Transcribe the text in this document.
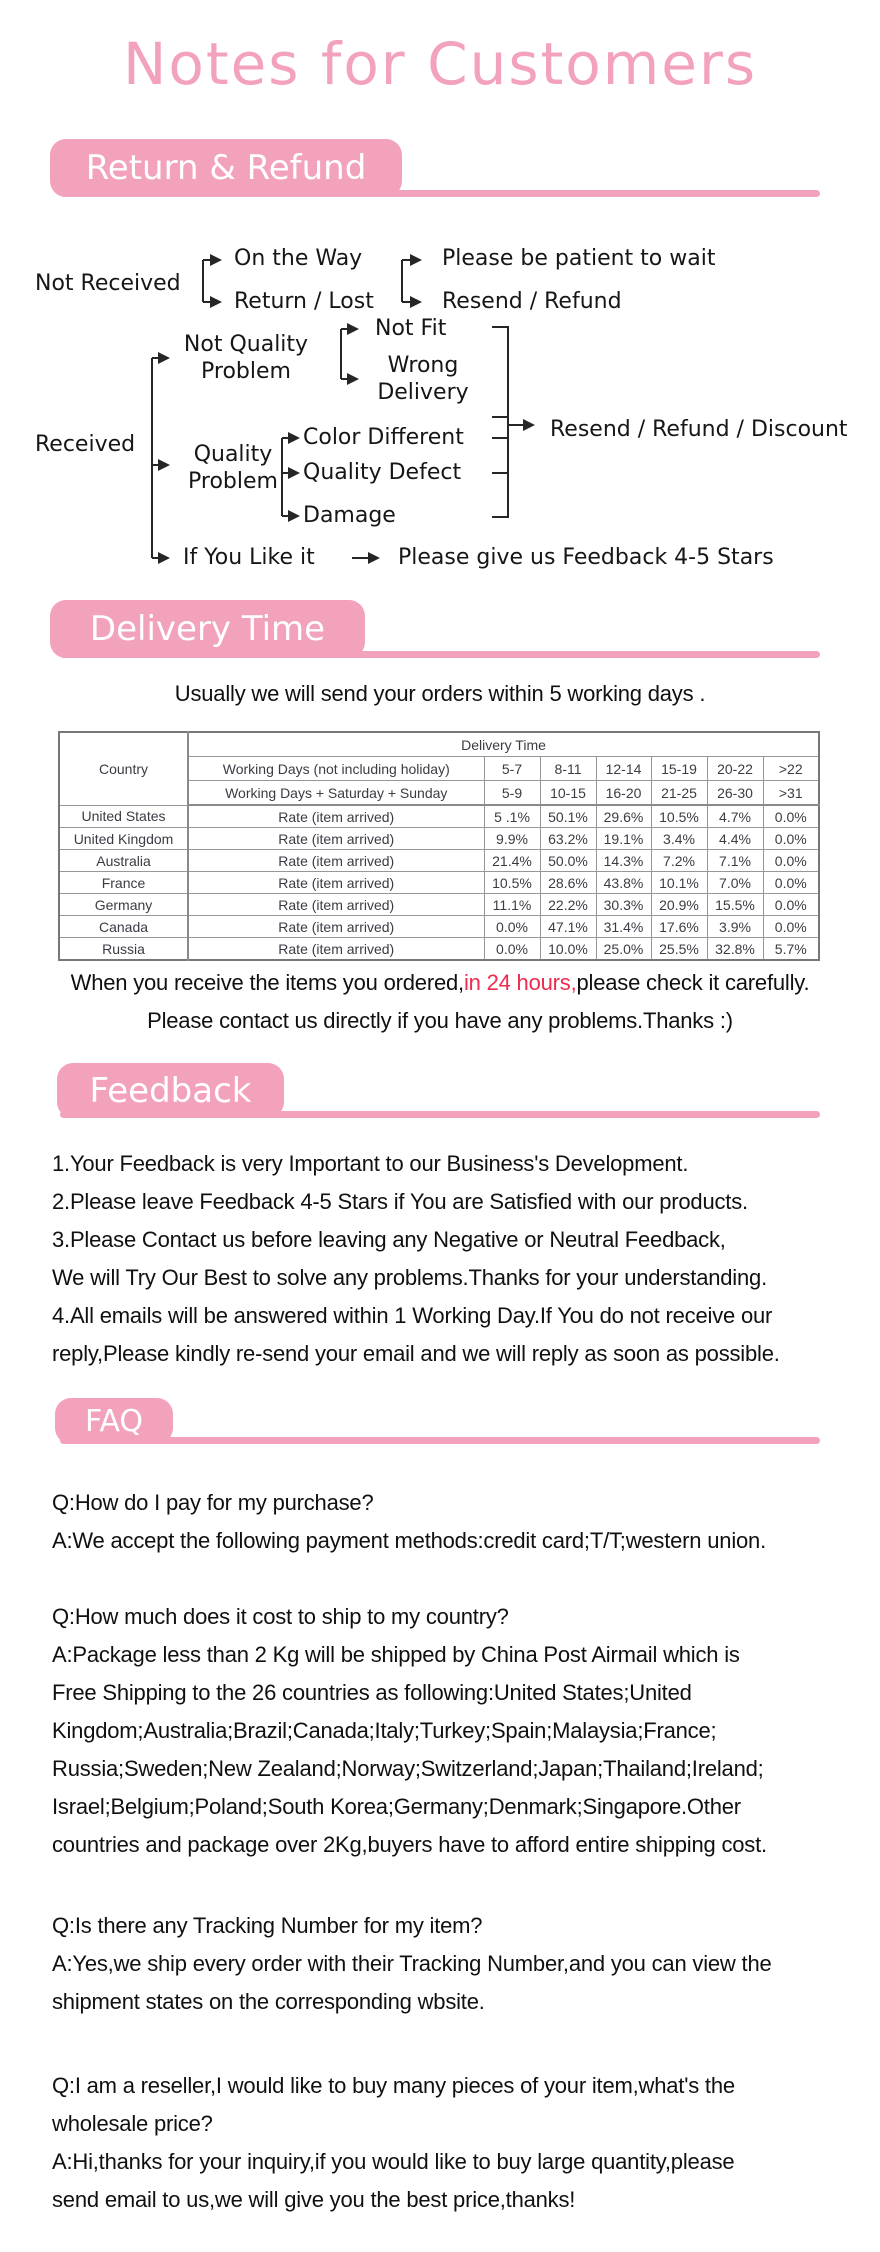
Notes for Customers
Return & Refund
Not Received
On the Way
Return / Lost
Please be patient to wait
Resend / Refund
Received
Not Quality
Problem
Not Fit
Wrong
Delivery
Quality
Problem
Color Different
Quality Defect
Damage
Resend / Refund / Discount
If You Like it	Please give us Feedback 4-5 Stars
Delivery Time
Usually we will send your orders within 5 working days .
Country	Delivery Time						
	Working Days (not including holiday)	5-7	8-11	12-14	15-19	20-22	>22
	Working Days + Saturday + Sunday	5-9	10-15	16-20	21-25	26-30	>31
United States	Rate (item arrived)	5 .1%	50.1%	29.6%	10.5%	4.7%	0.0%
United Kingdom	Rate (item arrived)	9.9%	63.2%	19.1%	3.4%	4.4%	0.0%
Australia	Rate (item arrived)	21.4%	50.0%	14.3%	7.2%	7.1%	0.0%
France	Rate (item arrived)	10.5%	28.6%	43.8%	10.1%	7.0%	0.0%
Germany	Rate (item arrived)	11.1%	22.2%	30.3%	20.9%	15.5%	0.0%
Canada	Rate (item arrived)	0.0%	47.1%	31.4%	17.6%	3.9%	0.0%
Russia	Rate (item arrived)	0.0%	10.0%	25.0%	25.5%	32.8%	5.7%
When you receive the items you ordered,in 24 hours,please check it carefully.
Please contact us directly if you have any problems.Thanks :)
Feedback
1.Your Feedback is very Important to our Business's Development.
2.Please leave Feedback 4-5 Stars if You are Satisfied with our products.
3.Please Contact us before leaving any Negative or Neutral Feedback,
We will Try Our Best to solve any problems.Thanks for your understanding.
4.All emails will be answered within 1 Working Day.If You do not receive our
reply,Please kindly re-send your email and we will reply as soon as possible.
FAQ
Q:How do I pay for my purchase?
A:We accept the following payment methods:credit card;T/T;western union.
Q:How much does it cost to ship to my country?
A:Package less than 2 Kg will be shipped by China Post Airmail which is
Free Shipping to the 26 countries as following:United States;United
Kingdom;Australia;Brazil;Canada;Italy;Turkey;Spain;Malaysia;France;
Russia;Sweden;New Zealand;Norway;Switzerland;Japan;Thailand;Ireland;
Israel;Belgium;Poland;South Korea;Germany;Denmark;Singapore.Other
countries and package over 2Kg,buyers have to afford entire shipping cost.
Q:Is there any Tracking Number for my item?
A:Yes,we ship every order with their Tracking Number,and you can view the
shipment states on the corresponding wbsite.
Q:I am a reseller,I would like to buy many pieces of your item,what's the
wholesale price?
A:Hi,thanks for your inquiry,if you would like to buy large quantity,please
send email to us,we will give you the best price,thanks!
